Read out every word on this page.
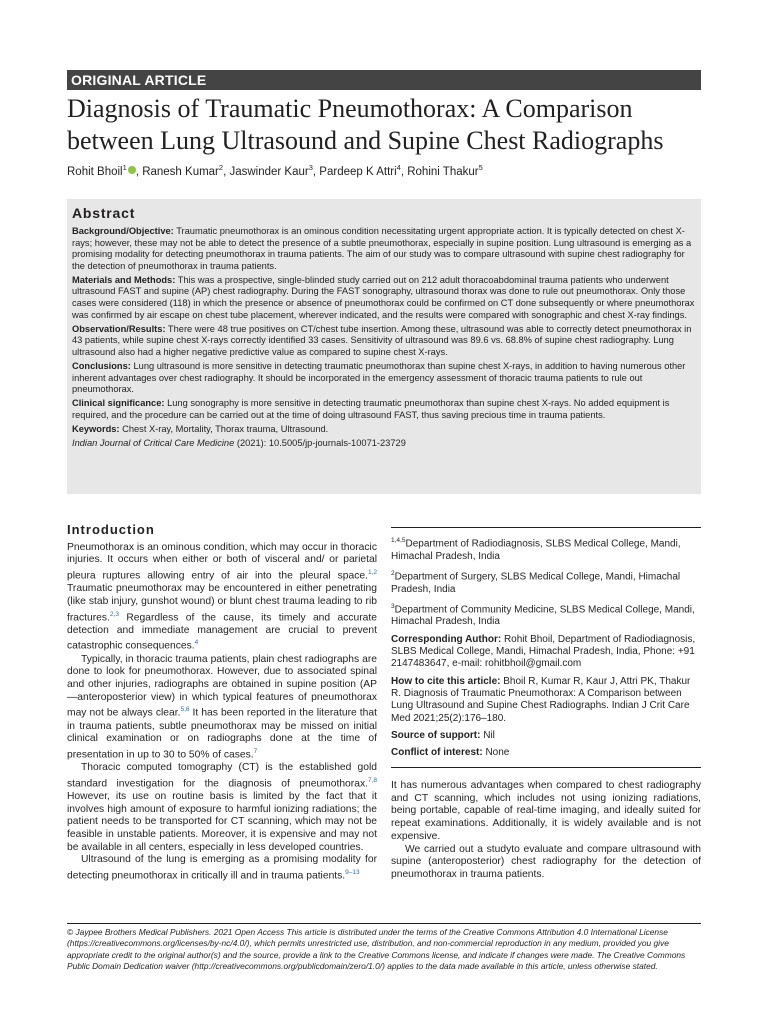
ORIGINAL ARTICLE
Diagnosis of Traumatic Pneumothorax: A Comparison
between Lung Ultrasound and Supine Chest Radiographs
Rohit Bhoil$^1$ , Ranesh Kumar$^2$, Jaswinder Kaur$^3$, Pardeep K Attri$^4$, Rohini Thakur$^5$
Abstract

Background/Objective: Traumatic pneumothorax is an ominous condition necessitating urgent appropriate action. It is typically detected on chest X-rays; however, these may not be able to detect the presence of a subtle pneumothorax, especially in supine position. Lung ultrasound is emerging as a promising modality for detecting pneumothorax in trauma patients. The aim of our study was to compare ultrasound with supine chest radiography for the detection of pneumothorax in trauma patients.

Materials and Methods: This was a prospective, single-blinded study carried out on 212 adult thoracoabdominal trauma patients who underwent ultrasound FAST and supine (AP) chest radiography. During the FAST sonography, ultrasound thorax was done to rule out pneumothorax. Only those cases were considered (118) in which the presence or absence of pneumothorax could be confirmed on CT done subsequently or where pneumothorax was confirmed by air escape on chest tube placement, wherever indicated, and the results were compared with sonographic and chest X-ray findings.

Observation/Results: There were 48 true positives on CT/chest tube insertion. Among these, ultrasound was able to correctly detect pneumothorax in 43 patients, while supine chest X-rays correctly identified 33 cases. Sensitivity of ultrasound was 89.6 vs. 68.8% of supine chest radiography. Lung ultrasound also had a higher negative predictive value as compared to supine chest X-rays.

Conclusions: Lung ultrasound is more sensitive in detecting traumatic pneumothorax than supine chest X-rays, in addition to having numerous other inherent advantages over chest radiography. It should be incorporated in the emergency assessment of thoracic trauma patients to rule out pneumothorax.

Clinical significance: Lung sonography is more sensitive in detecting traumatic pneumothorax than supine chest X-rays. No added equipment is required, and the procedure can be carried out at the time of doing ultrasound FAST, thus saving precious time in trauma patients.

Keywords: Chest X-ray, Mortality, Thorax trauma, Ultrasound.

Indian Journal of Critical Care Medicine (2021): 10.5005/jp-journals-10071-23729

Introduction

Pneumothorax is an ominous condition, which may occur in thoracic injuries. It occurs when either or both of visceral and/ or parietal pleura ruptures allowing entry of air into the pleural space.$^{1,2}$ Traumatic pneumothorax may be encountered in either penetrating (like stab injury, gunshot wound) or blunt chest trauma leading to rib fractures.$^{2,3}$ Regardless of the cause, its timely and accurate detection and immediate management are crucial to prevent catastrophic consequences.$^4$

Typically, in thoracic trauma patients, plain chest radiographs are done to look for pneumothorax. However, due to associated spinal and other injuries, radiographs are obtained in supine position (AP—anteroposterior view) in which typical features of pneumothorax may not be always clear.$^{5,6}$ It has been reported in the literature that in trauma patients, subtle pneumothorax may be missed on initial clinical examination or on radiographs done at the time of presentation in up to 30 to 50% of cases.$^7$

Thoracic computed tomography (CT) is the established gold standard investigation for the diagnosis of pneumothorax.$^{7,8}$ However, its use on routine basis is limited by the fact that it involves high amount of exposure to harmful ionizing radiations; the patient needs to be transported for CT scanning, which may not be feasible in unstable patients. Moreover, it is expensive and may not be available in all centers, especially in less developed countries.

Ultrasound of the lung is emerging as a promising modality for detecting pneumothorax in critically ill and in trauma patients.$^{9-13}$

$^{1,4,5}$Department of Radiodiagnosis, SLBS Medical College, Mandi, Himachal Pradesh, India

$^2$Department of Surgery, SLBS Medical College, Mandi, Himachal Pradesh, India

$^3$Department of Community Medicine, SLBS Medical College, Mandi, Himachal Pradesh, India

Corresponding Author: Rohit Bhoil, Department of Radiodiagnosis, SLBS Medical College, Mandi, Himachal Pradesh, India, Phone: +91 2147483647, e-mail: rohitbhoil@gmail.com

How to cite this article: Bhoil R, Kumar R, Kaur J, Attri PK, Thakur R. Diagnosis of Traumatic Pneumothorax: A Comparison between Lung Ultrasound and Supine Chest Radiographs. Indian J Crit Care Med 2021;25(2):176–180.

Source of support: Nil

Conflict of interest: None

It has numerous advantages when compared to chest radiography and CT scanning, which includes not using ionizing radiations, being portable, capable of real-time imaging, and ideally suited for repeat examinations. Additionally, it is widely available and is not expensive.

We carried out a studyto evaluate and compare ultrasound with supine (anteroposterior) chest radiography for the detection of pneumothorax in trauma patients.

© Jaypee Brothers Medical Publishers. 2021 Open Access This article is distributed under the terms of the Creative Commons Attribution 4.0 International License (https://creativecommons.org/licenses/by-nc/4.0/), which permits unrestricted use, distribution, and non-commercial reproduction in any medium, provided you give appropriate credit to the original author(s) and the source, provide a link to the Creative Commons license, and indicate if changes were made. The Creative Commons Public Domain Dedication waiver (http://creativecommons.org/publicdomain/zero/1.0/) applies to the data made available in this article, unless otherwise stated.
